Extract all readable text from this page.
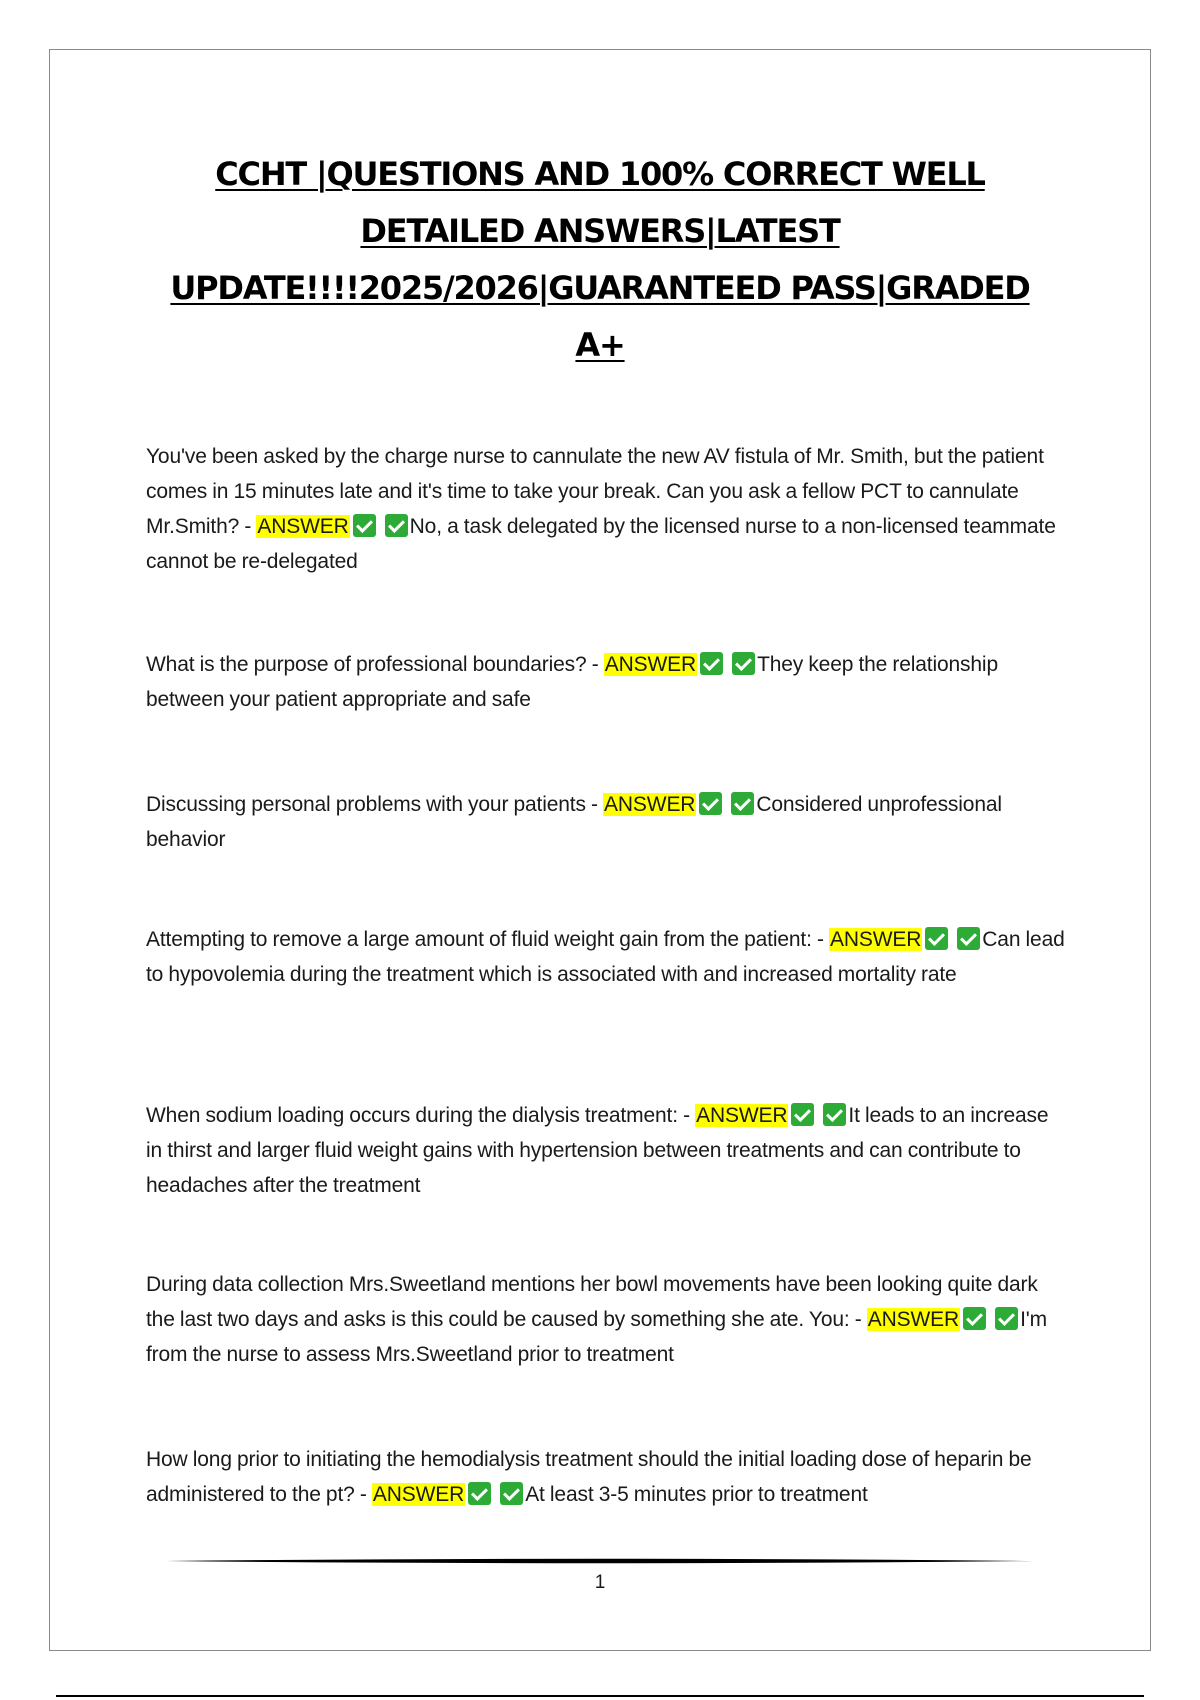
CCHT |QUESTIONS AND 100% CORRECT WELL
DETAILED ANSWERS|LATEST
UPDATE!!!!2025/2026|GUARANTEED PASS|GRADED
A+

You've been asked by the charge nurse to cannulate the new AV fistula of Mr. Smith, but the patient comes in 15 minutes late and it's time to take your break. Can you ask a fellow PCT to cannulate Mr.Smith? - ANSWER	No, a task delegated by the licensed nurse to a non-licensed teammate cannot be re-delegated

What is the purpose of professional boundaries? - ANSWER	They keep the relationship between your patient appropriate and safe

Discussing personal problems with your patients - ANSWER	Considered unprofessional behavior

Attempting to remove a large amount of fluid weight gain from the patient: - ANSWER	Can lead to hypovolemia during the treatment which is associated with and increased mortality rate

When sodium loading occurs during the dialysis treatment: - ANSWER	It leads to an increase in thirst and larger fluid weight gains with hypertension between treatments and can contribute to headaches after the treatment

During data collection Mrs.Sweetland mentions her bowl movements have been looking quite dark the last two days and asks is this could be caused by something she ate. You: - ANSWER	I'm from the nurse to assess Mrs.Sweetland prior to treatment

How long prior to initiating the hemodialysis treatment should the initial loading dose of heparin be administered to the pt? - ANSWER	At least 3-5 minutes prior to treatment

1
